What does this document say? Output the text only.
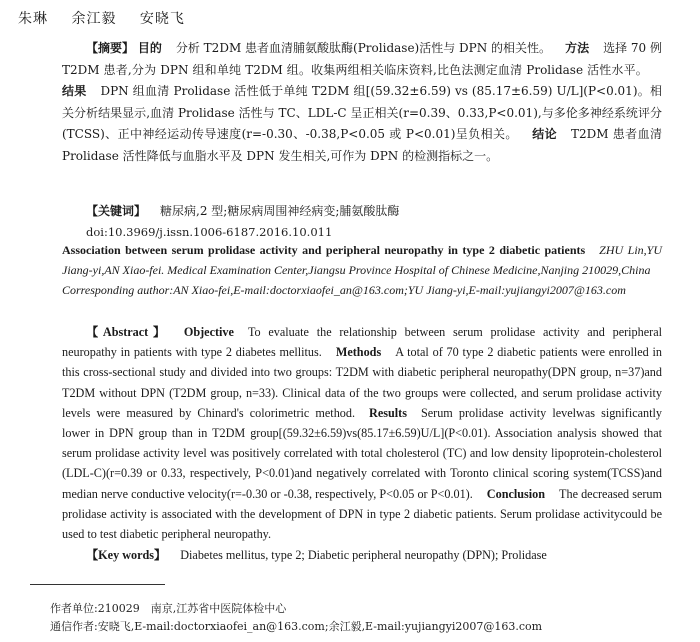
朱琳 余江毅 安晓飞
【摘要】 目的 分析 T2DM 患者血清脯氨酸肽酶(Prolidase)活性与 DPN 的相关性。 方法 选择 70 例 T2DM 患者,分为 DPN 组和单纯 T2DM 组。收集两组相关临床资料,比色法测定血清 Prolidase 活性水平。结果 DPN 组血清 Prolidase 活性低于单纯 T2DM 组[(59.32±6.59) vs (85.17±6.59) U/L](P<0.01)。相关分析结果显示,血清 Prolidase 活性与 TC、LDL-C 呈正相关(r=0.39、0.33,P<0.01),与多伦多神经系统评分(TCSS)、正中神经运动传导速度(r=-0.30、-0.38,P<0.05 或 P<0.01)呈负相关。 结论 T2DM 患者血清 Prolidase 活性降低与血脂水平及 DPN 发生相关,可作为 DPN 的检测指标之一。
【关键词】 糖尿病,2 型;糖尿病周围神经病变;脯氨酸肽酶
doi:10.3969/j.issn.1006-6187.2016.10.011
Association between serum prolidase activity and peripheral neuropathy in type 2 diabetic patients ZHU Lin,YU Jiang-yi,AN Xiao-fei. Medical Examination Center,Jiangsu Province Hospital of Chinese Medicine,Nanjing 210029,China
Corresponding author:AN Xiao-fei,E-mail:doctorxiaofei_an@163.com;YU Jiang-yi,E-mail:yujiangyi2007@163.com

【Abstract】 Objective To evaluate the relationship between serum prolidase activity and peripheral neuropathy in patients with type 2 diabetes mellitus. Methods A total of 70 type 2 diabetic patients were enrolled in this cross-sectional study and divided into two groups: T2DM with diabetic peripheral neuropathy(DPN group, n=37)and T2DM without DPN (T2DM group, n=33). Clinical data of the two groups were collected, and serum prolidase activity levels were measured by Chinard's colorimetric method. Results Serum prolidase activity levelwas significantly lower in DPN group than in T2DM group[(59.32±6.59)vs(85.17±6.59)U/L](P<0.01). Association analysis showed that serum prolidase activity level was positively correlated with total cholesterol (TC) and low density lipoprotein-cholesterol (LDL-C)(r=0.39 or 0.33, respectively, P<0.01)and negatively correlated with Toronto clinical scoring system(TCSS)and median nerve conductive velocity(r=-0.30 or -0.38, respectively, P<0.05 or P<0.01). Conclusion The decreased serum prolidase activity is associated with the development of DPN in type 2 diabetic patients. Serum prolidase activitycould be used to test diabetic peripheral neuropathy.

【Key words】 Diabetes mellitus, type 2; Diabetic peripheral neuropathy (DPN); Prolidase

作者单位:210029　南京,江苏省中医院体检中心
通信作者:安晓飞,E-mail:doctorxiaofei_an@163.com;余江毅,E-mail:yujiangyi2007@163.com
